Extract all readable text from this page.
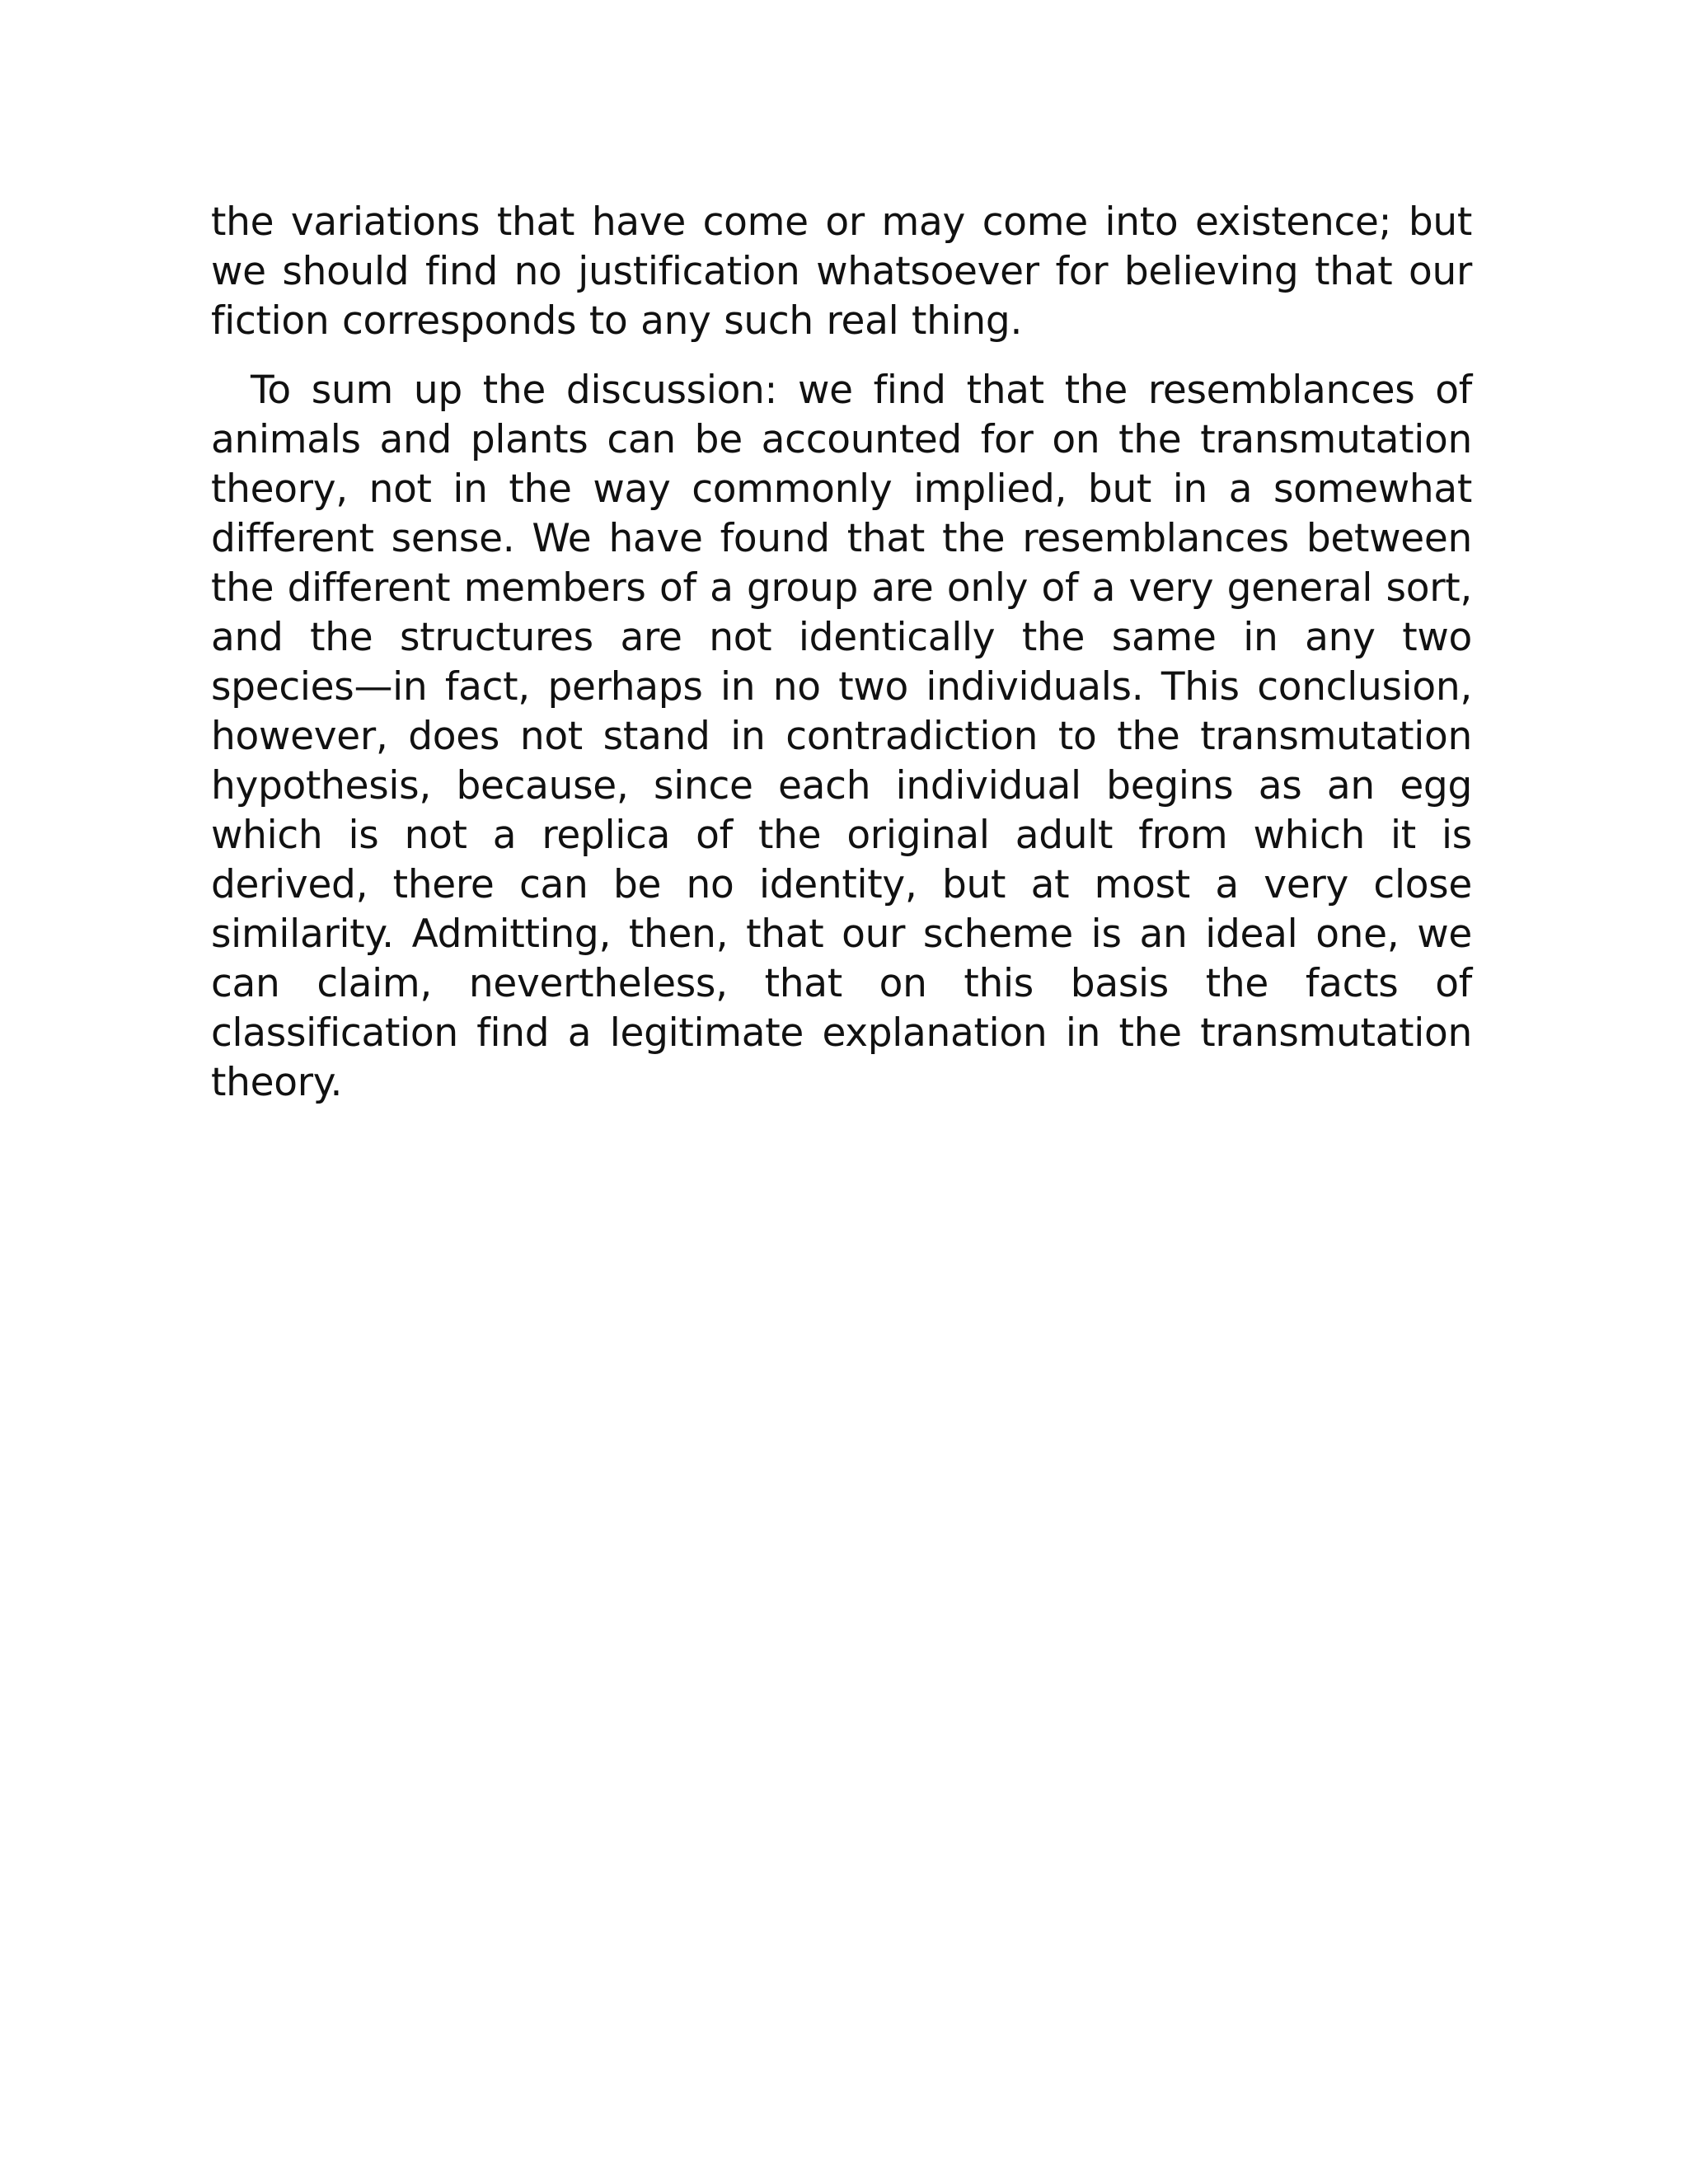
the variations that have come or may come into existence; but we should find no justification whatsoever for believing that our fiction corresponds to any such real thing.

To sum up the discussion: we find that the resemblances of animals and plants can be accounted for on the transmutation theory, not in the way commonly implied, but in a somewhat different sense. We have found that the resemblances between the different members of a group are only of a very general sort, and the structures are not identically the same in any two species—in fact, perhaps in no two individuals. This conclusion, however, does not stand in contradiction to the transmutation hypothesis, because, since each individual begins as an egg which is not a replica of the original adult from which it is derived, there can be no identity, but at most a very close similarity. Admitting, then, that our scheme is an ideal one, we can claim, nevertheless, that on this basis the facts of classification find a legitimate explanation in the transmutation theory.
